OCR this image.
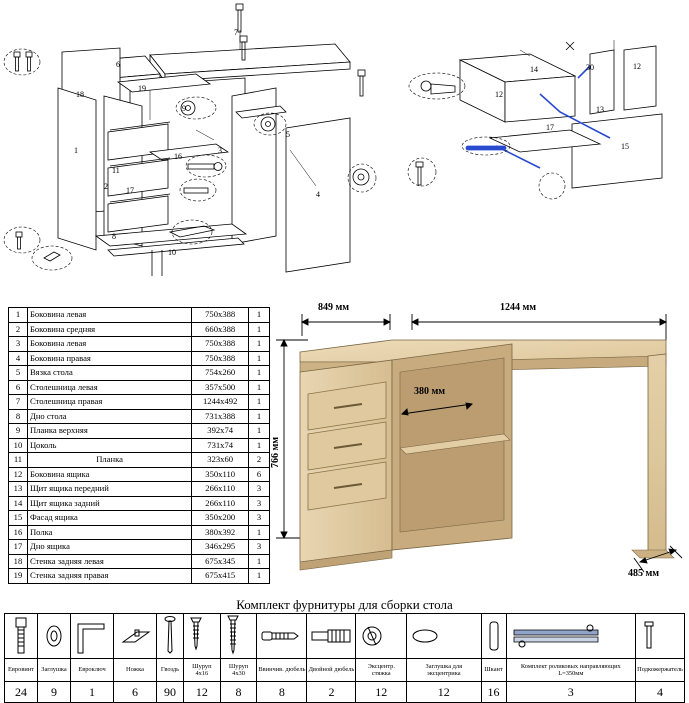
7
6
18
19
9
5
1	3
16
11
2 17	4
8
10
14	30	12
12
13
17
15
1	Боковина левая	750x388	1
2	Боковина средняя	660x388	1
3	Боковина левая	750x388	1
4	Боковина правая	750x388	1
5	Вязка стола	754x260	1
6	Столешница левая	357x500	1
7	Столешница правая	1244x492	1
8	Дно стола	731x388	1
9	Планка верхняя	392x74	1
10	Цоколь	731x74	1
11	Планка	323x60	2
12	Боковина ящика	350x110	6
13	Щит ящика передний	266x110	3
14	Щит ящика задний	266x110	3
15	Фасад ящика	350x200	3
16	Полка	380x392	1
17	Дно ящика	346x295	3
18	Стенка задняя левая	675x345	1
19	Стенка задняя правая	675x415	1
849 мм	1244 мм
766 мм
380 мм
485 мм
Комплект фурнитуры для сборки стола

Евровинт	Заглушка	Евроключ	Ножка	Гвоздь	Шуруп 4х16	Шуруп 4х30	Ввинчив. дюбель	Двойной дюбель	Эксцентр. стяжка	Заглушка для эксцентрика	Шкант	Комплект роликовых направляющих L=350мм	Подкожержатель
24	9	1	6	90	12	8	8	2	12	12	16	3	4
